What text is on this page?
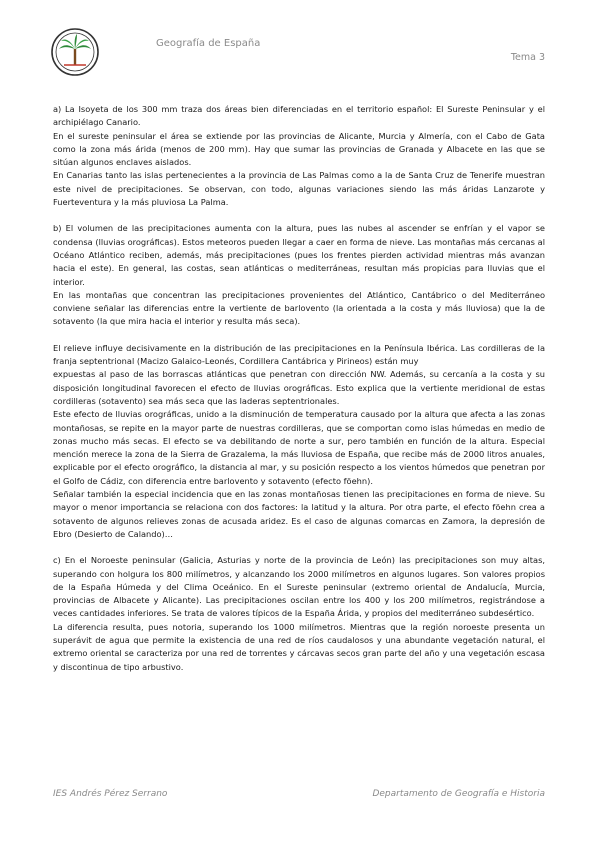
Geografía de España
Tema 3

a) La Isoyeta de los 300 mm traza dos áreas bien diferenciadas en el territorio español: El Sureste Peninsular y el archipiélago Canario.

En el sureste peninsular el área se extiende por las provincias de Alicante, Murcia y Almería, con el Cabo de Gata como la zona más árida (menos de 200 mm). Hay que sumar las provincias de Granada y Albacete en las que se sitúan algunos enclaves aislados.

En Canarias tanto las islas pertenecientes a la provincia de Las Palmas como a la de Santa Cruz de Tenerife muestran este nivel de precipitaciones. Se observan, con todo, algunas variaciones siendo las más áridas Lanzarote y Fuerteventura y la más pluviosa La Palma.

b) El volumen de las precipitaciones aumenta con la altura, pues las nubes al ascender se enfrían y el vapor se condensa (lluvias orográficas). Estos meteoros pueden llegar a caer en forma de nieve. Las montañas más cercanas al Océano Atlántico reciben, además, más precipitaciones (pues los frentes pierden actividad mientras más avanzan hacia el este). En general, las costas, sean atlánticas o mediterráneas, resultan más propicias para lluvias que el interior.

En las montañas que concentran las precipitaciones provenientes del Atlántico, Cantábrico o del Mediterráneo conviene señalar las diferencias entre la vertiente de barlovento (la orientada a la costa y más lluviosa) que la de sotavento (la que mira hacia el interior y resulta más seca).

El relieve influye decisivamente en la distribución de las precipitaciones en la Península Ibérica. Las cordilleras de la franja septentrional (Macizo Galaico-Leonés, Cordillera Cantábrica y Pirineos) están muy

expuestas al paso de las borrascas atlánticas que penetran con dirección NW. Además, su cercanía a la costa y su disposición longitudinal favorecen el efecto de lluvias orográficas. Esto explica que la vertiente meridional de estas cordilleras (sotavento) sea más seca que las laderas septentrionales.

Este efecto de lluvias orográficas, unido a la disminución de temperatura causado por la altura que afecta a las zonas montañosas, se repite en la mayor parte de nuestras cordilleras, que se comportan como islas húmedas en medio de zonas mucho más secas. El efecto se va debilitando de norte a sur, pero también en función de la altura. Especial mención merece la zona de la Sierra de Grazalema, la más lluviosa de España, que recibe más de 2000 litros anuales, explicable por el efecto orográfico, la distancia al mar, y su posición respecto a los vientos húmedos que penetran por el Golfo de Cádiz, con diferencia entre barlovento y sotavento (efecto föehn).

Señalar también la especial incidencia que en las zonas montañosas tienen las precipitaciones en forma de nieve. Su mayor o menor importancia se relaciona con dos factores: la latitud y la altura. Por otra parte, el efecto föehn crea a sotavento de algunos relieves zonas de acusada aridez. Es el caso de algunas comarcas en Zamora, la depresión de Ebro (Desierto de Calando)…

c) En el Noroeste peninsular (Galicia, Asturias y norte de la provincia de León) las precipitaciones son muy altas, superando con holgura los 800 milímetros, y alcanzando los 2000 milímetros en algunos lugares. Son valores propios de la España Húmeda y del Clima Oceánico. En el Sureste peninsular (extremo oriental de Andalucía, Murcia, provincias de Albacete y Alicante). Las precipitaciones oscilan entre los 400 y los 200 milímetros, registrándose a veces cantidades inferiores. Se trata de valores típicos de la España Árida, y propios del mediterráneo subdesértico.

La diferencia resulta, pues notoria, superando los 1000 milímetros. Mientras que la región noroeste presenta un superávit de agua que permite la existencia de una red de ríos caudalosos y una abundante vegetación natural, el extremo oriental se caracteriza por una red de torrentes y cárcavas secos gran parte del año y una vegetación escasa y discontinua de tipo arbustivo.

IES Andrés Pérez Serrano	Departamento de Geografía e Historia
